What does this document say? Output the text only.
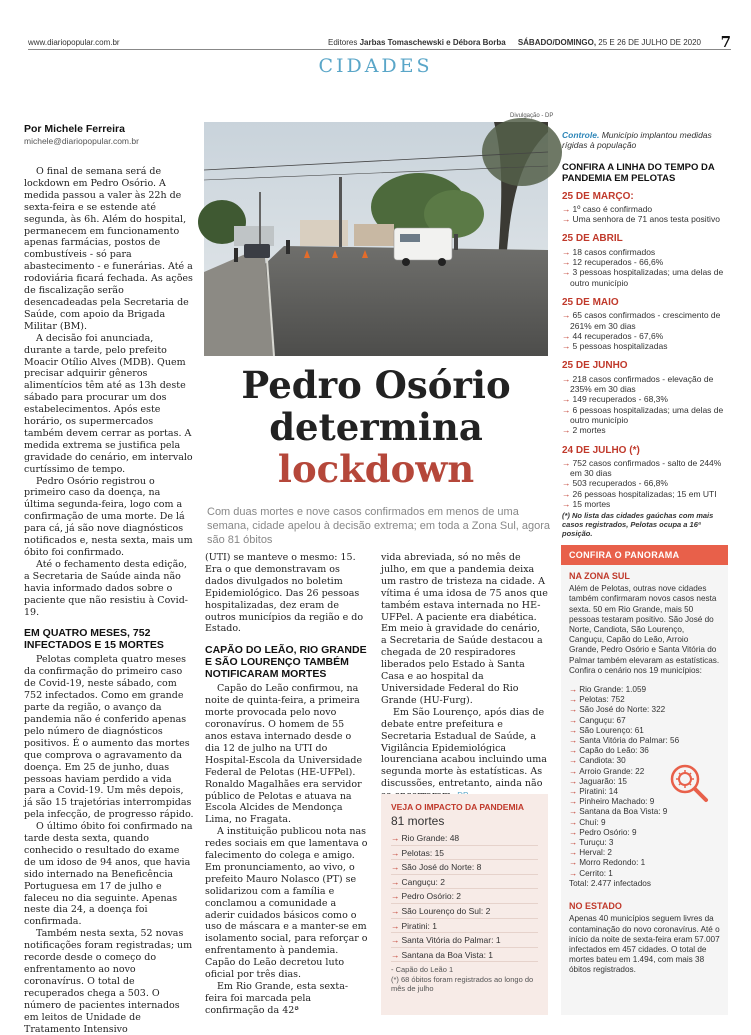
www.diariopopular.com.br	Editores Jarbas Tomaschewski e Débora Borba SÁBADO/DOMINGO, 25 E 26 DE JULHO DE 2020 7
CIDADES
Por Michele Ferreira
michele@diariopopular.com.br

O final de semana será de lockdown em Pedro Osório. A medida passou a valer às 22h de sexta-feira e se estende até segunda, às 6h. Além do hospital, permanecem em funcionamento apenas farmácias, postos de combustíveis - só para abastecimento - e funerárias. Até a rodoviária ficará fechada. As ações de fiscalização serão desencadeadas pela Secretaria de Saúde, com apoio da Brigada Militar (BM).

A decisão foi anunciada, durante a tarde, pelo prefeito Moacir Otílio Alves (MDB). Quem precisar adquirir gêneros alimentícios têm até as 13h deste sábado para procurar um dos estabelecimentos. Após este horário, os supermercados também devem cerrar as portas. A medida extrema se justifica pela gravidade do cenário, em intervalo curtíssimo de tempo.

Pedro Osório registrou o primeiro caso da doença, na última segunda-feira, logo com a confirmação de uma morte. De lá para cá, já são nove diagnósticos notificados e, nesta sexta, mais um óbito foi confirmado.

Até o fechamento desta edição, a Secretaria de Saúde ainda não havia informado dados sobre o paciente que não resistiu à Covid-19.

EM QUATRO MESES, 752 INFECTADOS E 15 MORTES

Pelotas completa quatro meses da confirmação do primeiro caso de Covid-19, neste sábado, com 752 infectados. Como em grande parte da região, o avanço da pandemia não é conferido apenas pelo número de diagnósticos positivos. É o aumento das mortes que comprova o agravamento da doença. Em 25 de junho, duas pessoas haviam perdido a vida para a Covid-19. Um mês depois, já são 15 trajetórias interrompidas pela infecção, de progresso rápido.

O último óbito foi confirmado na tarde desta sexta, quando conhecido o resultado do exame de um idoso de 94 anos, que havia sido internado na Beneficência Portuguesa em 17 de julho e faleceu no dia seguinte. Apenas neste dia 24, a doença foi confirmada.

Também nesta sexta, 52 novas notificações foram registradas; um recorde desde o começo do enfrentamento ao novo coronavírus. O total de recuperados chega a 503. O número de pacientes internados em leitos de Unidade de Tratamento Intensivo

Divulgação - DP
Pedro Osório
determina
lockdown
Com duas mortes e nove casos confirmados em menos de uma semana, cidade apelou à decisão extrema; em toda a Zona Sul, agora são 81 óbitos

(UTI) se manteve o mesmo: 15. Era o que demonstravam os dados divulgados no boletim Epidemiológico. Das 26 pessoas hospitalizadas, dez eram de outros municípios da região e do Estado.

CAPÃO DO LEÃO, RIO GRANDE E SÃO LOURENÇO TAMBÉM NOTIFICARAM MORTES

Capão do Leão confirmou, na noite de quinta-feira, a primeira morte provocada pelo novo coronavírus. O homem de 55 anos estava internado desde o dia 12 de julho na UTI do Hospital-Escola da Universidade Federal de Pelotas (HE-UFPel). Ronaldo Magalhães era servidor público de Pelotas e atuava na Escola Alcides de Mendonça Lima, no Fragata.

A instituição publicou nota nas redes sociais em que lamentava o falecimento do colega e amigo. Em pronunciamento, ao vivo, o prefeito Mauro Nolasco (PT) se solidarizou com a família e conclamou a comunidade a aderir cuidados básicos como o uso de máscara e a manter-se em isolamento social, para reforçar o enfrentamento à pandemia. Capão do Leão decretou luto oficial por três dias.

Em Rio Grande, esta sexta-feira foi marcada pela confirmação da 42ª

vida abreviada, só no mês de julho, em que a pandemia deixa um rastro de tristeza na cidade. A vítima é uma idosa de 75 anos que também estava internada no HE-UFPel. A paciente era diabética. Em meio à gravidade do cenário, a Secretaria de Saúde destacou a chegada de 20 respiradores liberados pelo Estado à Santa Casa e ao hospital da Universidade Federal do Rio Grande (HU-Furg).

Em São Lourenço, após dias de debate entre prefeitura e Secretaria Estadual de Saúde, a Vigilância Epidemiológica lourenciana acabou incluindo uma segunda morte às estatísticas. As discussões, entretanto, ainda não

VEJA O IMPACTO DA PANDEMIA
81 mortes
→ Rio Grande: 48
→ Pelotas: 15
→ São José do Norte: 8
→ Canguçu: 2
→ Pedro Osório: 2
→ São Lourenço do Sul: 2
→ Piratini: 1
→ Santa Vitória do Palmar: 1
→ Santana da Boa Vista: 1
- Capão do Leão 1
(*) 68 óbitos foram registrados ao longo do mês de julho
Controle. Município implantou medidas rígidas à população
CONFIRA A LINHA DO TEMPO DA PANDEMIA EM PELOTAS
25 DE MARÇO:
→ 1º caso é confirmado
→ Uma senhora de 71 anos testa positivo
25 DE ABRIL
→ 18 casos confirmados
→ 12 recuperados - 66,6%
→ 3 pessoas hospitalizadas; uma delas de outro município
25 DE MAIO
→ 65 casos confirmados - crescimento de 261% em 30 dias
→ 44 recuperados - 67,6%
→ 5 pessoas hospitalizadas
25 DE JUNHO
→ 218 casos confirmados - elevação de 235% em 30 dias
→ 149 recuperados - 68,3%
→ 6 pessoas hospitalizadas; uma delas de outro município
→ 2 mortes
24 DE JULHO (*)
→ 752 casos confirmados - salto de 244% em 30 dias
→ 503 recuperados - 66,8%
→ 26 pessoas hospitalizadas; 15 em UTI
→ 15 mortes
(*) No lista das cidades gaúchas com mais casos registrados, Pelotas ocupa a 16ª posição.
CONFIRA O PANORAMA
NA ZONA SUL
Além de Pelotas, outras nove cidades também confirmaram novos casos nesta sexta. 50 em Rio Grande, mais 50 pessoas testaram positivo. São José do Norte, Candiota, São Lourenço, Canguçu, Capão do Leão, Arroio Grande, Pedro Osório e Santa Vitória do Palmar também elevaram as estatísticas. Confira o cenário nos 19 municípios:
→ Rio Grande: 1.059
→ Pelotas: 752
→ São José do Norte: 322
→ Canguçu: 67
→ São Lourenço: 61
→ Santa Vitória do Palmar: 56
→ Capão do Leão: 36
→ Candiota: 30
→ Arroio Grande: 22
→ Jaguarão: 15
→ Piratini: 14
→ Pinheiro Machado: 9
→ Santana da Boa Vista: 9
→ Chuí: 9
→ Pedro Osório: 9
→ Turuçu: 3
→ Herval: 2
→ Morro Redondo: 1
→ Cerrito: 1
Total: 2.477 infectados
NO ESTADO
Apenas 40 municípios seguem livres da contaminação do novo coronavírus. Até o início da noite de sexta-feira eram 57.007 infectados em 457 cidades. O total de mortes bateu em 1.494, com mais 38 óbitos registrados.
